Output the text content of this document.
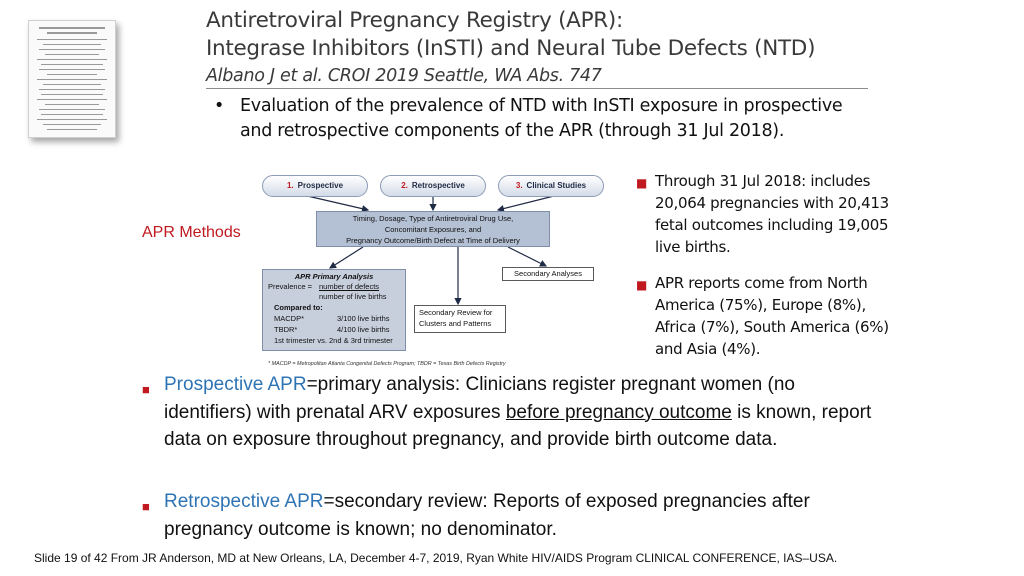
Antiretroviral Pregnancy Registry (APR):
Integrase Inhibitors (InSTI) and Neural Tube Defects (NTD)
Albano J et al. CROI 2019 Seattle, WA Abs. 747
• Evaluation of the prevalence of NTD with InSTI exposure in prospective and retrospective components of the APR (through 31 Jul 2018).
APR Methods
1. Prospective	2. Retrospective	3. Clinical Studies
Timing, Dosage, Type of Antiretroviral Drug Use,
Concomitant Exposures, and
Pregnancy Outcome/Birth Defect at Time of Delivery
Secondary Analyses
APR Primary Analysis
Prevalence = number of defects
number of live births
Compared to:
MACDP*	3/100 live births
TBDR*	4/100 live births
1st trimester vs. 2nd & 3rd trimester
Secondary Review for
Clusters and Patterns
* MACDP = Metropolitan Atlanta Congenital Defects Program; TBDR = Texas Birth Defects Registry
■ Through 31 Jul 2018: includes 20,064 pregnancies with 20,413 fetal outcomes including 19,005 live births.
■ APR reports come from North America (75%), Europe (8%), Africa (7%), South America (6%) and Asia (4%).
■ Prospective APR=primary analysis: Clinicians register pregnant women (no identifiers) with prenatal ARV exposures before pregnancy outcome is known, report data on exposure throughout pregnancy, and provide birth outcome data.
■ Retrospective APR=secondary review: Reports of exposed pregnancies after pregnancy outcome is known; no denominator.
Slide 19 of 42 From JR Anderson, MD at New Orleans, LA, December 4-7, 2019, Ryan White HIV/AIDS Program CLINICAL CONFERENCE, IAS–USA.
